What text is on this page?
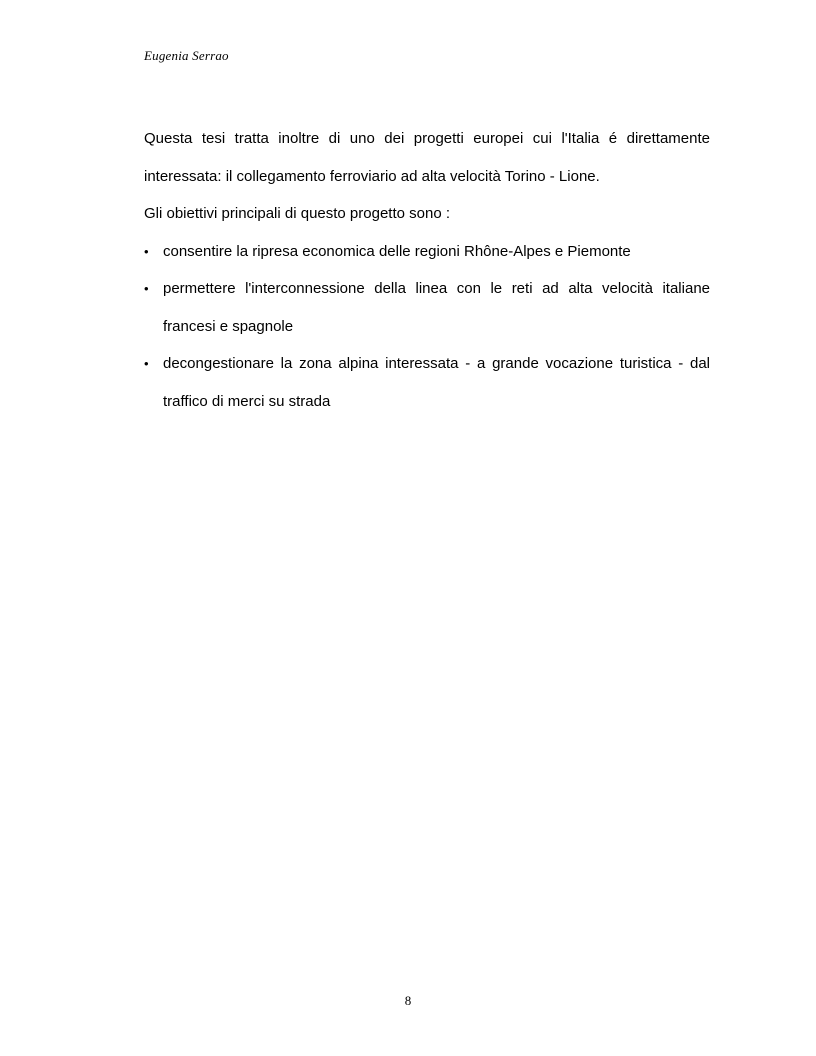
Eugenia Serrao

Questa tesi tratta inoltre di uno dei progetti europei cui l'Italia é direttamente interessata: il collegamento ferroviario ad alta velocità Torino - Lione.

Gli obiettivi principali di questo progetto sono :

• consentire la ripresa economica delle regioni Rhône-Alpes e Piemonte
• permettere l'interconnessione della linea con le reti ad alta velocità italiane francesi e spagnole
• decongestionare la zona alpina interessata - a grande vocazione turistica - dal traffico di merci su strada
8
